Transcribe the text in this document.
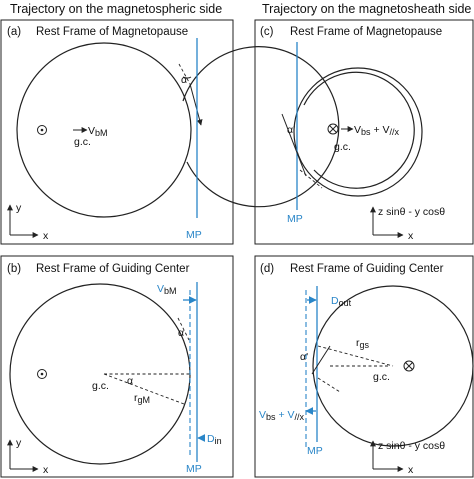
Trajectory on the magnetospheric side	Trajectory on the magnetosheath side
(a) Rest Frame of Magnetopause
MP
α
VbM
g.c.
y
x
(b) Rest Frame of Guiding Center
MP
VbM
α
α
rgM
g.c.
Din
y
x
(c) Rest Frame of Magnetopause
MP
α'	Vbs + V//x
g.c.
z sinθ - y cosθ
x
(d) Rest Frame of Guiding Center
MP
Dout
rgs
g.c.
α'
Vbs + V//x
z sinθ - y cosθ
x
